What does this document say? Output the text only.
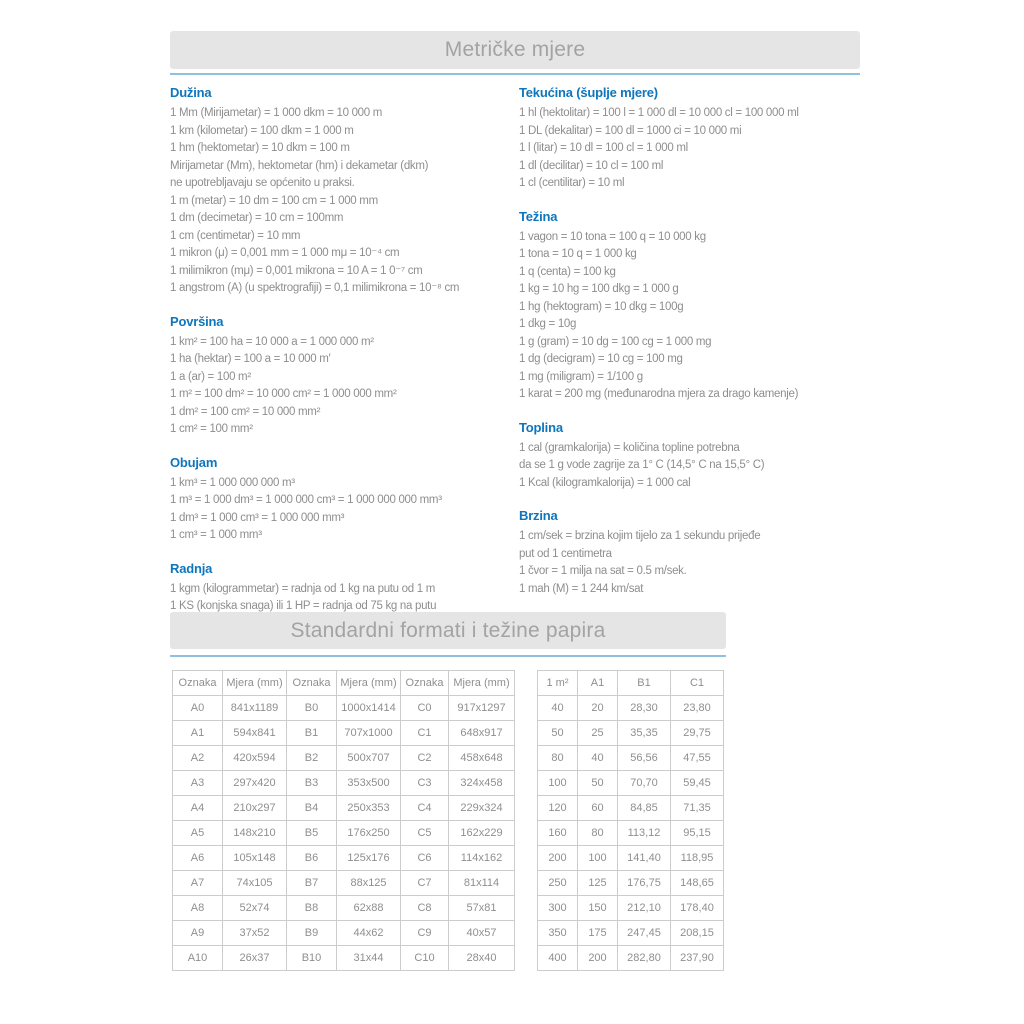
Metričke mjere
Dužina

1 Mm (Mirijametar) = 1 000 dkm = 10 000 m

1 km (kilometar) = 100 dkm = 1 000 m

1 hm (hektometar) = 10 dkm = 100 m

Mirijametar (Mm), hektometar (hm) i dekametar (dkm)

ne upotrebljavaju se općenito u praksi.

1 m (metar) = 10 dm = 100 cm = 1 000 mm

1 dm (decimetar) = 10 cm = 100mm

1 cm (centimetar) = 10 mm

1 mikron (μ) = 0,001 mm = 1 000 mμ = 10⁻⁴ cm

1 milimikron (mμ) = 0,001 mikrona = 10 A = 1 0⁻⁷ cm

1 angstrom (A) (u spektrografiji) = 0,1 milimikrona = 10⁻⁸ cm

Površina

1 km² = 100 ha = 10 000 a = 1 000 000 m²

1 ha (hektar) = 100 a = 10 000 m′

1 a (ar) = 100 m²

1 m² = 100 dm² = 10 000 cm² = 1 000 000 mm²

1 dm² = 100 cm² = 10 000 mm²

1 cm² = 100 mm²

Obujam

1 km³ = 1 000 000 000 m³

1 m³ = 1 000 dm³ = 1 000 000 cm³ = 1 000 000 000 mm³

1 dm³ = 1 000 cm³ = 1 000 000 mm³

1 cm³ = 1 000 mm³

Radnja

1 kgm (kilogrammetar) = radnja od 1 kg na putu od 1 m

1 KS (konjska snaga) ili 1 HP = radnja od 75 kg na putu

Tekućina (šuplje mjere)

1 hl (hektolitar) = 100 l = 1 000 dl = 10 000 cl = 100 000 ml

1 DL (dekalitar) = 100 dl = 1000 ci = 10 000 mi

1 l (litar) = 10 dl = 100 cl = 1 000 ml

1 dl (decilitar) = 10 cl = 100 ml

1 cl (centilitar) = 10 ml

Težina

1 vagon = 10 tona = 100 q = 10 000 kg

1 tona = 10 q = 1 000 kg

1 q (centa) = 100 kg

1 kg = 10 hg = 100 dkg = 1 000 g

1 hg (hektogram) = 10 dkg = 100g

1 dkg = 10g

1 g (gram) = 10 dg = 100 cg = 1 000 mg

1 dg (decigram) = 10 cg = 100 mg

1 mg (miligram) = 1/100 g

1 karat = 200 mg (međunarodna mjera za drago kamenje)

Toplina

1 cal (gramkalorija) = količina topline potrebna

da se 1 g vode zagrije za 1° C (14,5° C na 15,5° C)

1 Kcal (kilogramkalorija) = 1 000 cal

Brzina

1 cm/sek = brzina kojim tijelo za 1 sekundu prijeđe

put od 1 centimetra

1 čvor = 1 milja na sat = 0.5 m/sek.

1 mah (M) = 1 244 km/sat

Standardni formati i težine papira
Oznaka	Mjera (mm)	Oznaka	Mjera (mm)	Oznaka	Mjera (mm)
A0	841x1189	B0	1000x1414	C0	917x1297
A1	594x841	B1	707x1000	C1	648x917
A2	420x594	B2	500x707	C2	458x648
A3	297x420	B3	353x500	C3	324x458
A4	210x297	B4	250x353	C4	229x324
A5	148x210	B5	176x250	C5	162x229
A6	105x148	B6	125x176	C6	114x162
A7	74x105	B7	88x125	C7	81x114
A8	52x74	B8	62x88	C8	57x81
A9	37x52	B9	44x62	C9	40x57
A10	26x37	B10	31x44	C10	28x40
1 m²	A1	B1	C1
40	20	28,30	23,80
50	25	35,35	29,75
80	40	56,56	47,55
100	50	70,70	59,45
120	60	84,85	71,35
160	80	113,12	95,15
200	100	141,40	118,95
250	125	176,75	148,65
300	150	212,10	178,40
350	175	247,45	208,15
400	200	282,80	237,90
